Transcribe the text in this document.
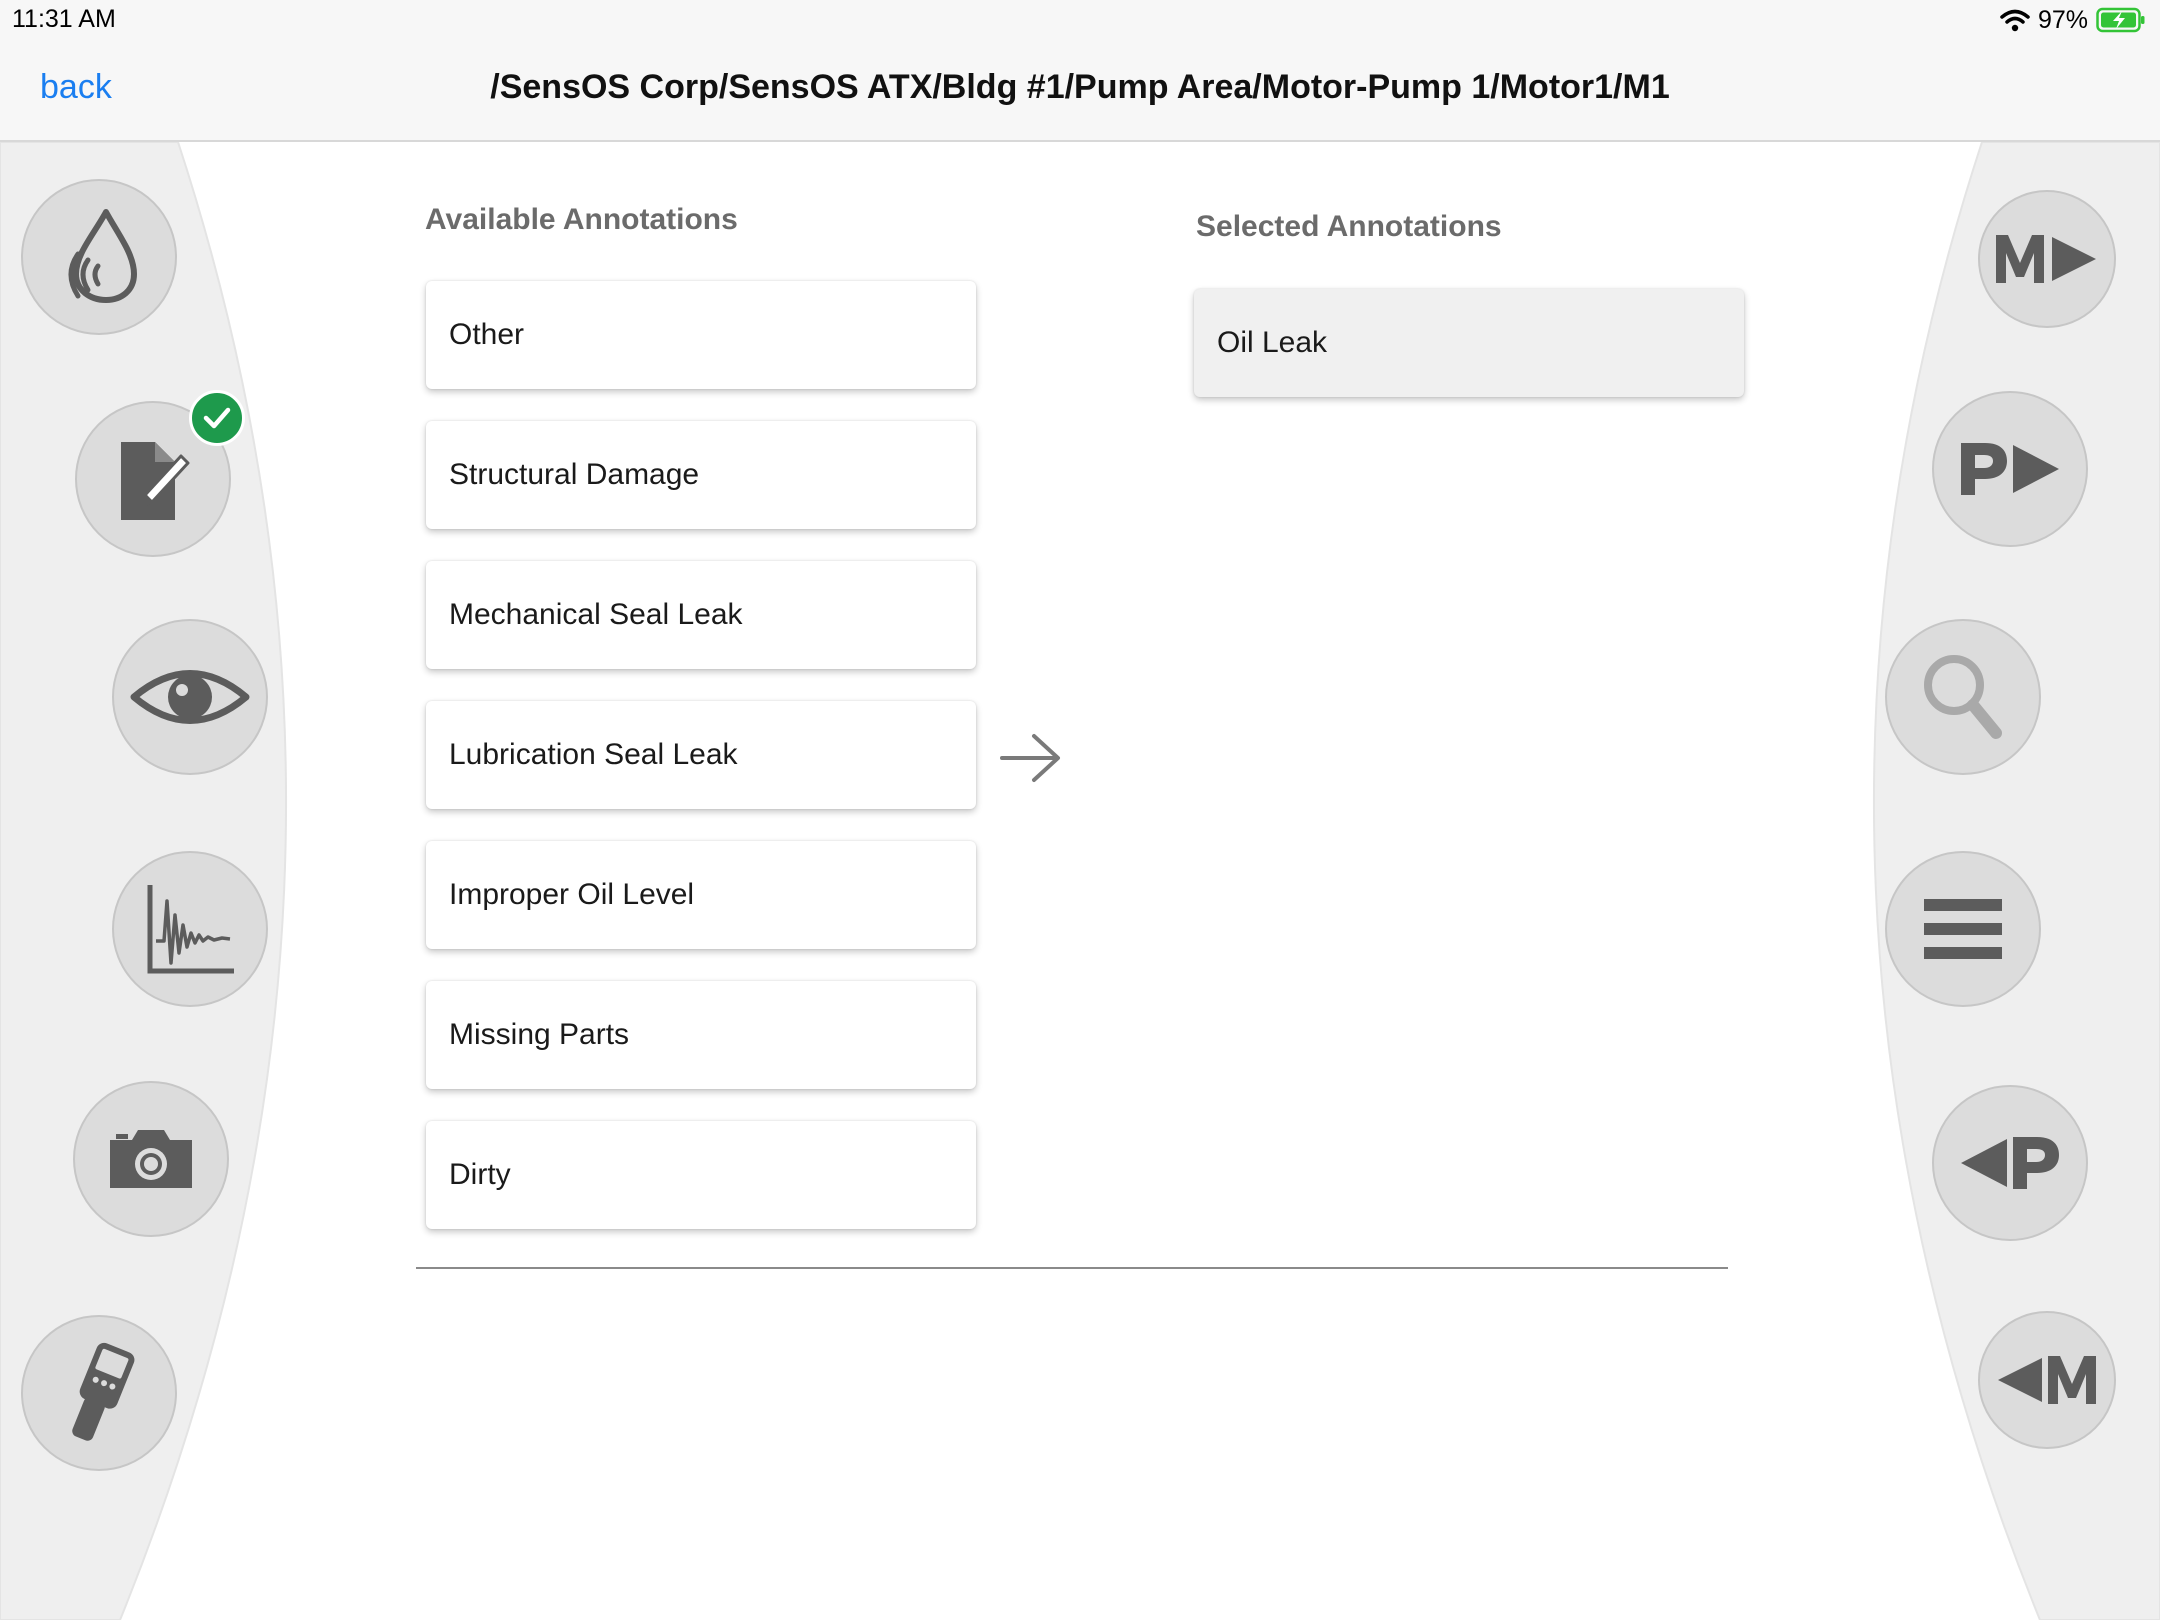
back	/SensOS Corp/SensOS ATX/Bldg #1/Pump Area/Motor-Pump 1/Motor1/M1
11:31 AM	97%
Available Annotations
Other
Structural Damage
Mechanical Seal Leak
Lubrication Seal Leak
Improper Oil Level
Missing Parts
Dirty
Selected Annotations
Oil Leak
